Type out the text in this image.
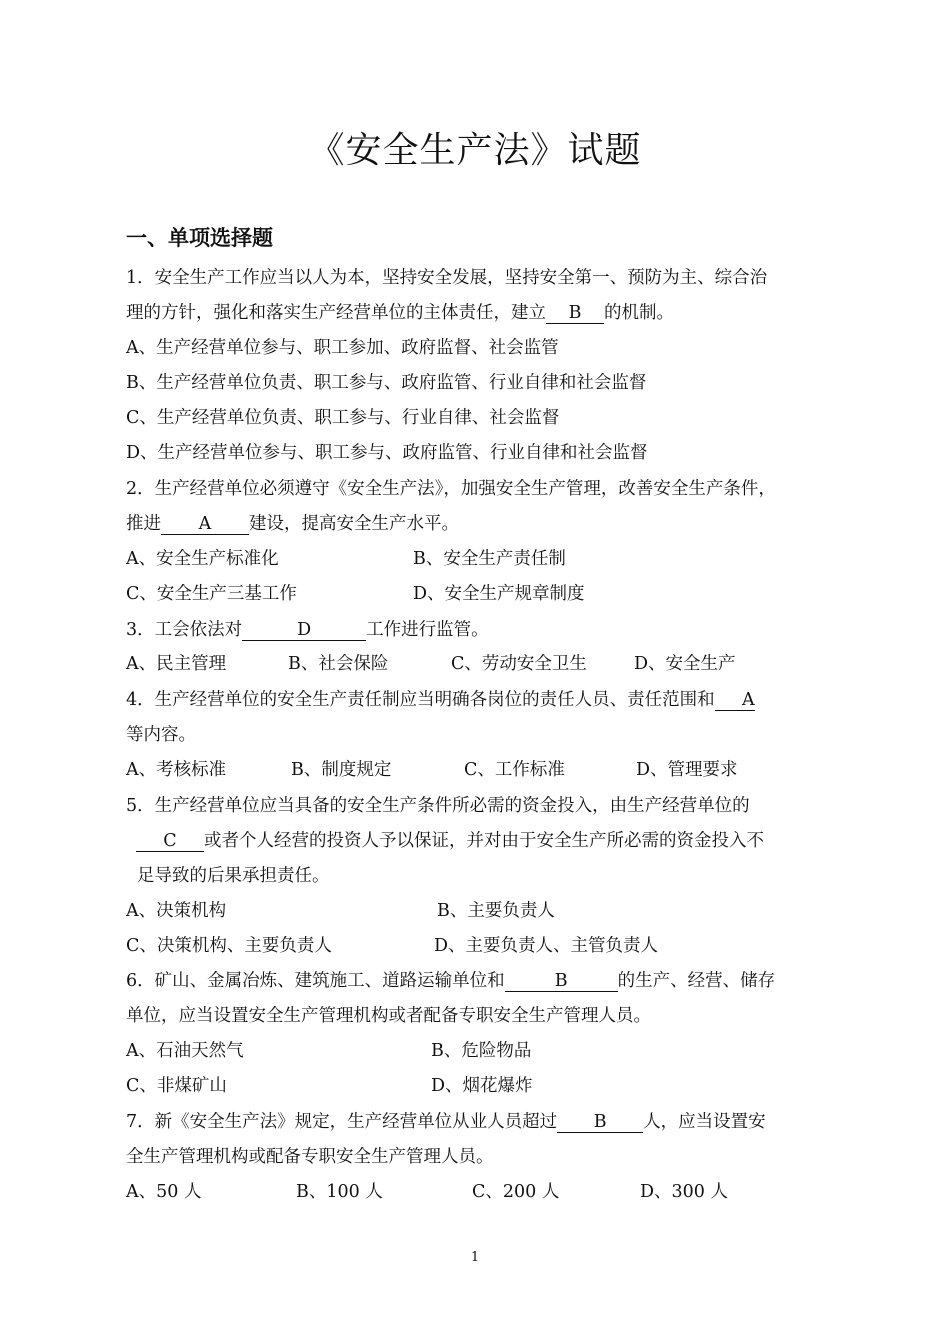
《安全生产法》试题
一、单项选择题
1．安全生产工作应当以人为本，坚持安全发展，坚持安全第一、预防为主、综合治
理的方针，强化和落实生产经营单位的主体责任，建立 B 的机制。
A、生产经营单位参与、职工参加、政府监督、社会监管
B、生产经营单位负责、职工参与、政府监管、行业自律和社会监督
C、生产经营单位负责、职工参与、行业自律、社会监督
D、生产经营单位参与、职工参与、政府监管、行业自律和社会监督
2．生产经营单位必须遵守《安全生产法》，加强安全生产管理，改善安全生产条件，
推进 A 建设，提高安全生产水平。
A、安全生产标准化	B、安全生产责任制
C、安全生产三基工作	D、安全生产规章制度
3．工会依法对	D	工作进行监管。
A、民主管理	B、社会保险	C、劳动安全卫生	D、安全生产
4．生产经营单位的安全生产责任制应当明确各岗位的责任人员、责任范围和 A
等内容。
A、考核标准	B、制度规定	C、工作标准	D、管理要求
5．生产经营单位应当具备的安全生产条件所必需的资金投入，由生产经营单位的
C 或者个人经营的投资人予以保证，并对由于安全生产所必需的资金投入不
足导致的后果承担责任。
A、决策机构	B、主要负责人
C、决策机构、主要负责人	D、主要负责人、主管负责人
6．矿山、金属冶炼、建筑施工、道路运输单位和	B	的生产、经营、储存
单位，应当设置安全生产管理机构或者配备专职安全生产管理人员。
A、石油天然气	B、危险物品
C、非煤矿山	D、烟花爆炸
7．新《安全生产法》规定，生产经营单位从业人员超过 B 人，应当设置安
全生产管理机构或配备专职安全生产管理人员。
A、50 人	B、100 人	C、200 人	D、300 人
1
